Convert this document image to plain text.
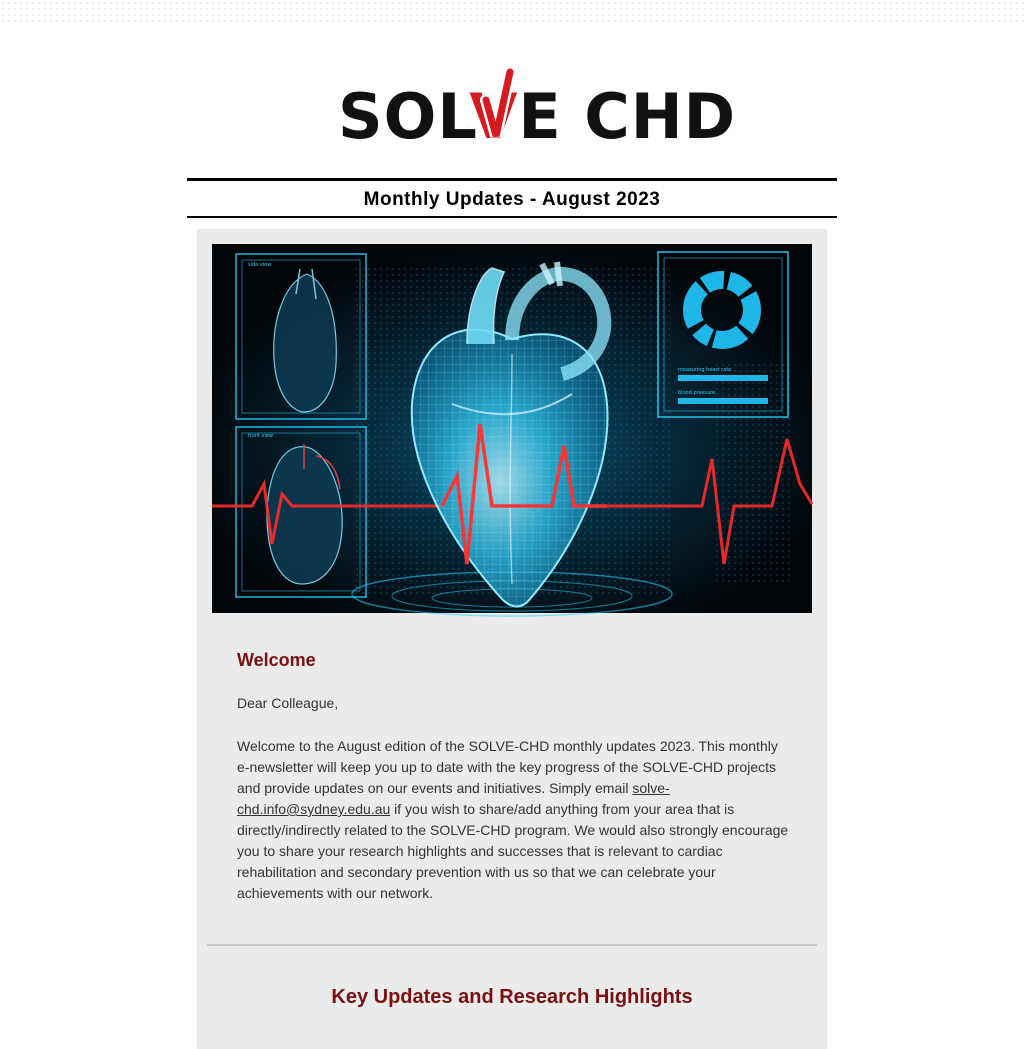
SOLVE CHD
Monthly Updates - August 2023
side view
front view
measuring heart rate
blood pressure
Welcome
Dear Colleague,
Welcome to the August edition of the SOLVE-CHD monthly updates 2023. This monthly e-newsletter will keep you up to date with the key progress of the SOLVE-CHD projects and provide updates on our events and initiatives. Simply email solve-chd.info@sydney.edu.au if you wish to share/add anything from your area that is directly/indirectly related to the SOLVE-CHD program. We would also strongly encourage you to share your research highlights and successes that is relevant to cardiac rehabilitation and secondary prevention with us so that we can celebrate your achievements with our network.
Key Updates and Research Highlights
